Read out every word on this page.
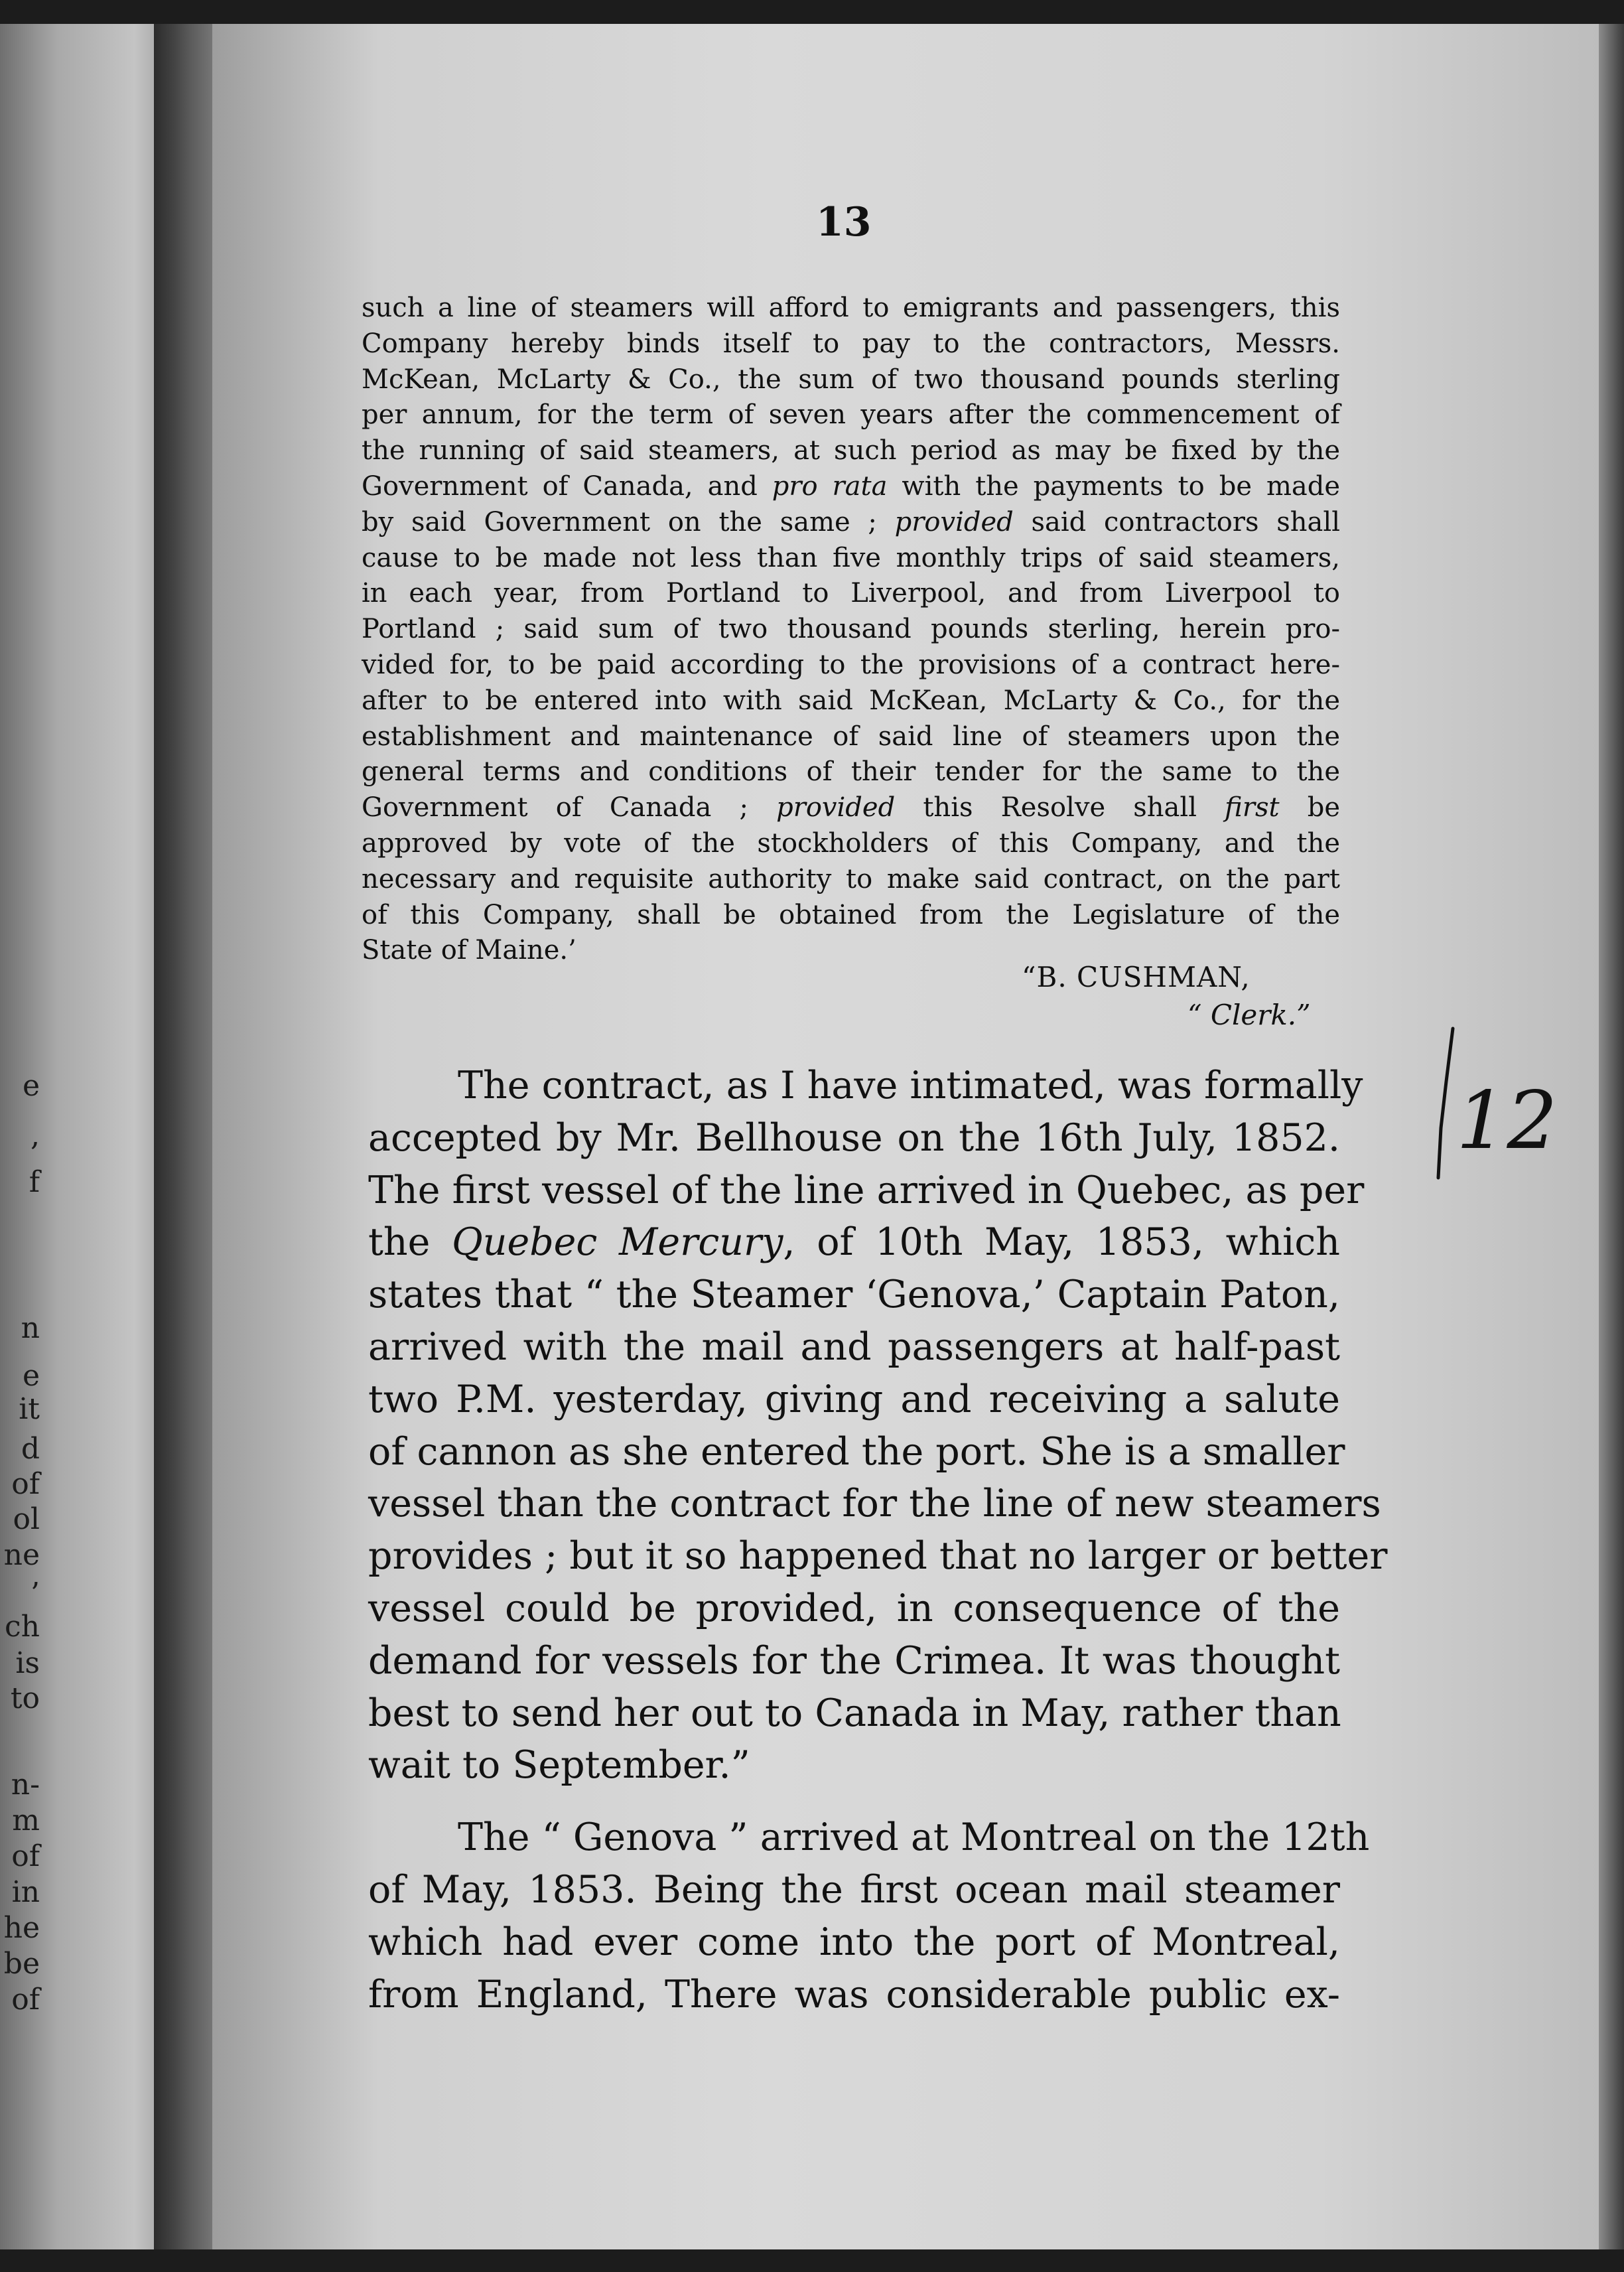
e
,
f
n
e
it
d
of
ol
ne
’
ch
is
to
n-
m
of
in
he
be
of
13
such a line of steamers will afford to emigrants and passengers, this
Company hereby binds itself to pay to the contractors, Messrs.
McKean, McLarty & Co., the sum of two thousand pounds sterling
per annum, for the term of seven years after the commencement of
the running of said steamers, at such period as may be fixed by the
Government of Canada, and pro rata with the payments to be made
by said Government on the same ; provided said contractors shall
cause to be made not less than five monthly trips of said steamers,
in each year, from Portland to Liverpool, and from Liverpool to
Portland ; said sum of two thousand pounds sterling, herein pro-
vided for, to be paid according to the provisions of a contract here-
after to be entered into with said McKean, McLarty & Co., for the
establishment and maintenance of said line of steamers upon the
general terms and conditions of their tender for the same to the
Government of Canada ; provided this Resolve shall first be
approved by vote of the stockholders of this Company, and the
necessary and requisite authority to make said contract, on the part
of this Company, shall be obtained from the Legislature of the
State of Maine.’
“B. CUSHMAN,
“ Clerk.”
The contract, as I have intimated, was formally
accepted by Mr. Bellhouse on the 16th July, 1852.
The first vessel of the line arrived in Quebec, as per
the Quebec Mercury, of 10th May, 1853, which
states that “ the Steamer ‘Genova,’ Captain Paton,
arrived with the mail and passengers at half-past
two P.M. yesterday, giving and receiving a salute
of cannon as she entered the port. She is a smaller
vessel than the contract for the line of new steamers
provides ; but it so happened that no larger or better
vessel could be provided, in consequence of the
demand for vessels for the Crimea. It was thought
best to send her out to Canada in May, rather than
wait to September.”
The “ Genova ” arrived at Montreal on the 12th
of May, 1853. Being the first ocean mail steamer
which had ever come into the port of Montreal,
from England, There was considerable public ex-
12
